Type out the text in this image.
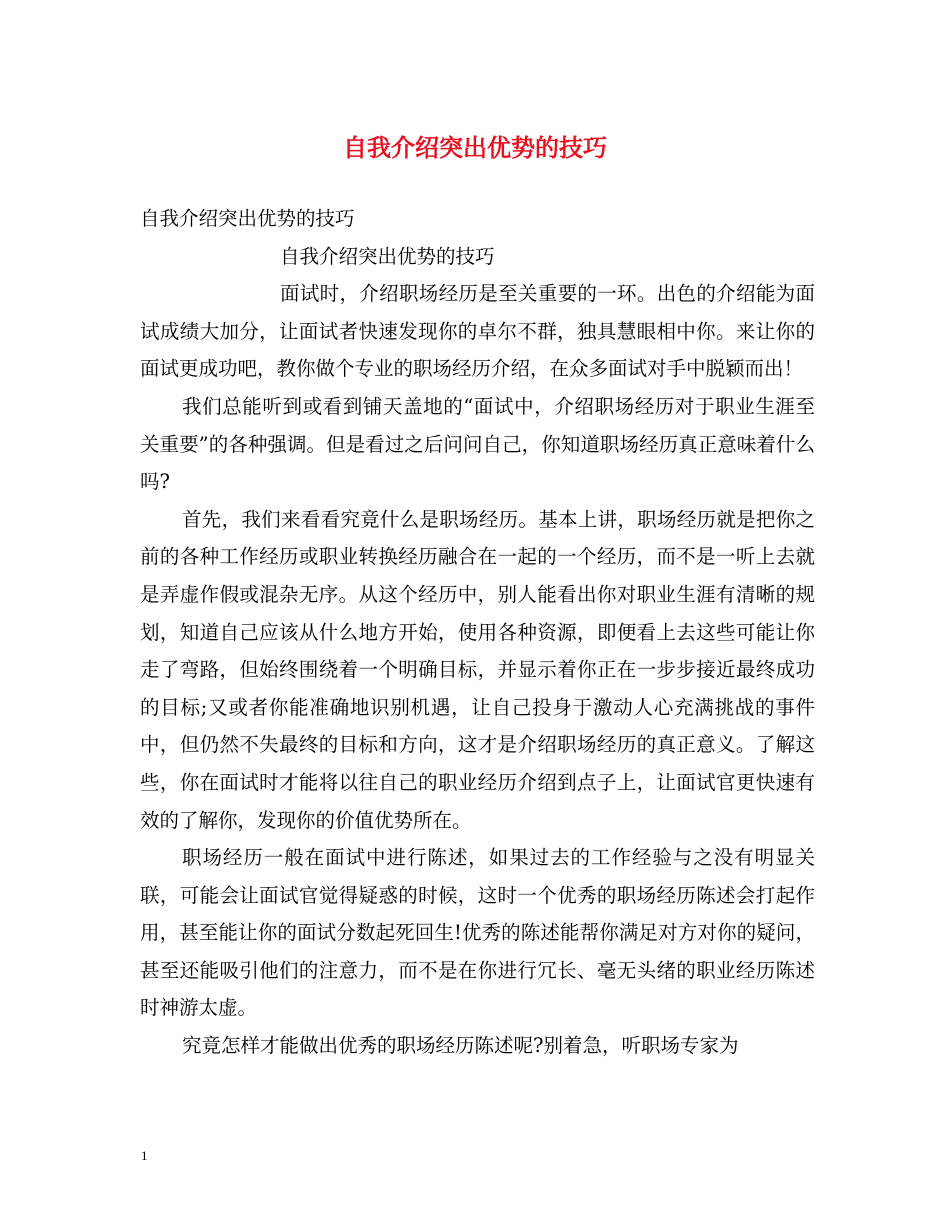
自我介绍突出优势的技巧

自我介绍突出优势的技巧

自我介绍突出优势的技巧

面试时，介绍职场经历是至关重要的一环。出色的介绍能为面试成绩大加分，让面试者快速发现你的卓尔不群，独具慧眼相中你。来让你的面试更成功吧，教你做个专业的职场经历介绍，在众多面试对手中脱颖而出！

我们总能听到或看到铺天盖地的“面试中，介绍职场经历对于职业生涯至关重要”的各种强调。但是看过之后问问自己，你知道职场经历真正意味着什么吗?

首先，我们来看看究竟什么是职场经历。基本上讲，职场经历就是把你之前的各种工作经历或职业转换经历融合在一起的一个经历，而不是一听上去就是弄虚作假或混杂无序。从这个经历中，别人能看出你对职业生涯有清晰的规划，知道自己应该从什么地方开始，使用各种资源，即便看上去这些可能让你走了弯路，但始终围绕着一个明确目标，并显示着你正在一步步接近最终成功的目标;又或者你能准确地识别机遇，让自己投身于激动人心充满挑战的事件中，但仍然不失最终的目标和方向，这才是介绍职场经历的真正意义。了解这些，你在面试时才能将以往自己的职业经历介绍到点子上，让面试官更快速有效的了解你，发现你的价值优势所在。

职场经历一般在面试中进行陈述，如果过去的工作经验与之没有明显关联，可能会让面试官觉得疑惑的时候，这时一个优秀的职场经历陈述会打起作用，甚至能让你的面试分数起死回生!优秀的陈述能帮你满足对方对你的疑问，甚至还能吸引他们的注意力，而不是在你进行冗长、毫无头绪的职业经历陈述时神游太虚。

究竟怎样才能做出优秀的职场经历陈述呢?别着急，听职场专家为

1
